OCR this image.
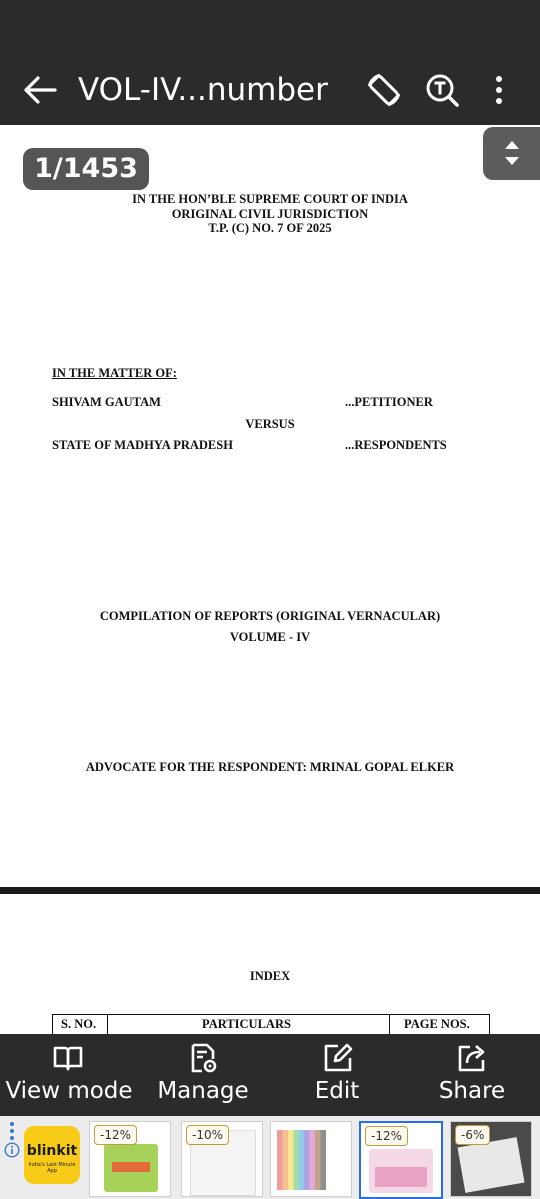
VOL-IV...number
IN THE HON’BLE SUPREME COURT OF INDIA
ORIGINAL CIVIL JURISDICTION
T.P. (C) NO. 7 OF 2025
IN THE MATTER OF:
SHIVAM GAUTAM	...PETITIONER
VERSUS
STATE OF MADHYA PRADESH	...RESPONDENTS
COMPILATION OF REPORTS (ORIGINAL VERNACULAR)
VOLUME - IV
ADVOCATE FOR THE RESPONDENT: MRINAL GOPAL ELKER
INDEX
S. NO.	PARTICULARS	PAGE NOS.
1/1453
View mode	Manage	Edit	Share
blinkit
India's Last Minute App
-12%	-10%	-12%	-6%
